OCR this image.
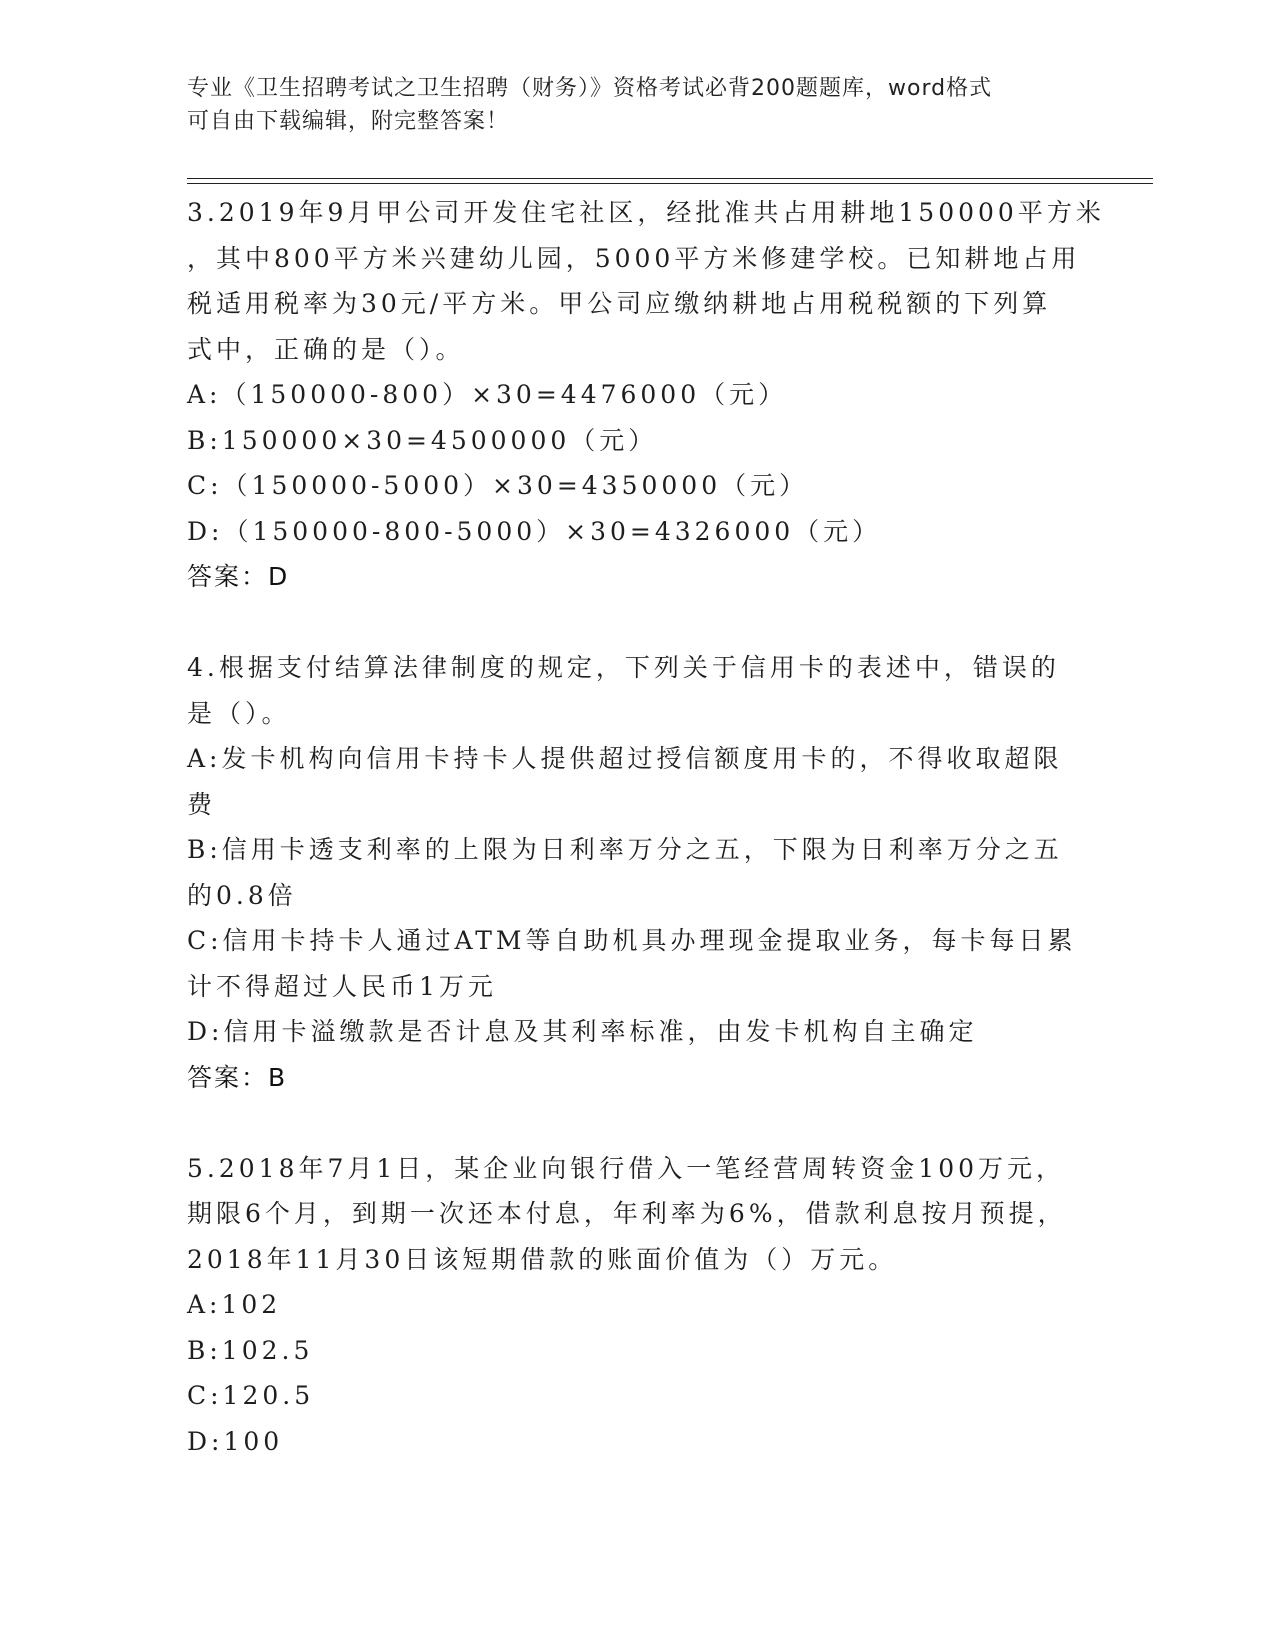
专业《卫生招聘考试之卫生招聘（财务）》资格考试必背200题题库，word格式
可自由下载编辑，附完整答案！
3.2019年9月甲公司开发住宅社区，经批准共占用耕地150000平方米
，其中800平方米兴建幼儿园，5000平方米修建学校。已知耕地占用
税适用税率为30元/平方米。甲公司应缴纳耕地占用税税额的下列算
式中，正确的是（）。
A:（150000-800）×30=4476000（元）
B:150000×30=4500000（元）
C:（150000-5000）×30=4350000（元）
D:（150000-800-5000）×30=4326000（元）
答案：D
4.根据支付结算法律制度的规定，下列关于信用卡的表述中，错误的
是（）。
A:发卡机构向信用卡持卡人提供超过授信额度用卡的，不得收取超限
费
B:信用卡透支利率的上限为日利率万分之五，下限为日利率万分之五
的0.8倍
C:信用卡持卡人通过ATM等自助机具办理现金提取业务，每卡每日累
计不得超过人民币1万元
D:信用卡溢缴款是否计息及其利率标准，由发卡机构自主确定
答案：B
5.2018年7月1日，某企业向银行借入一笔经营周转资金100万元，
期限6个月，到期一次还本付息，年利率为6%，借款利息按月预提，
2018年11月30日该短期借款的账面价值为（）万元。
A:102
B:102.5
C:120.5
D:100
